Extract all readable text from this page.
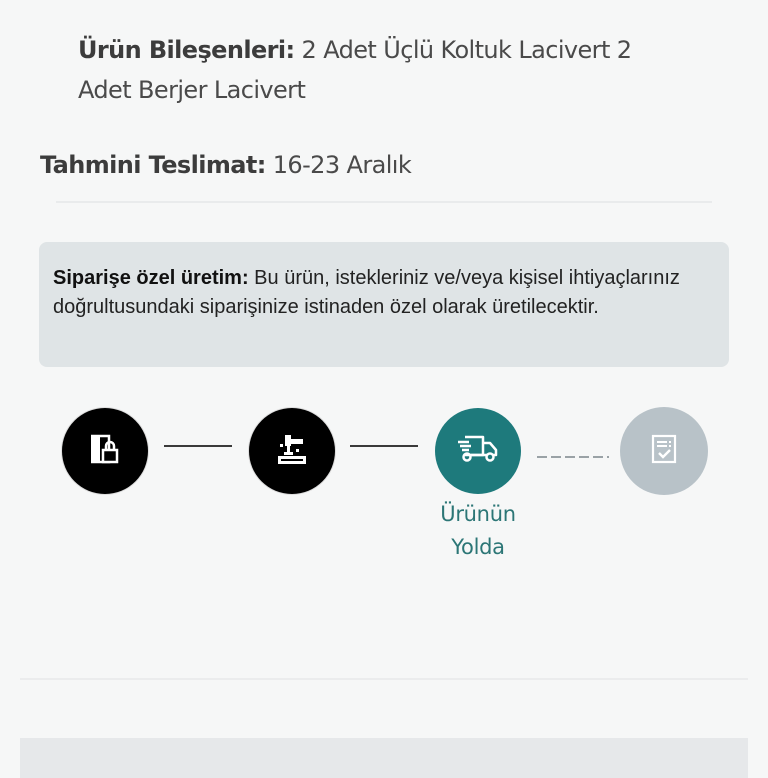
Ürün Bileşenleri: 2 Adet Üçlü Koltuk Lacivert 2 Adet Berjer Lacivert
Tahmini Teslimat: 16-23 Aralık
Siparişe özel üretim: Bu ürün, istekleriniz ve/veya kişisel ihtiyaçlarınız doğrultusundaki siparişinize istinaden özel olarak üretilecektir.
Ürünün Yolda
